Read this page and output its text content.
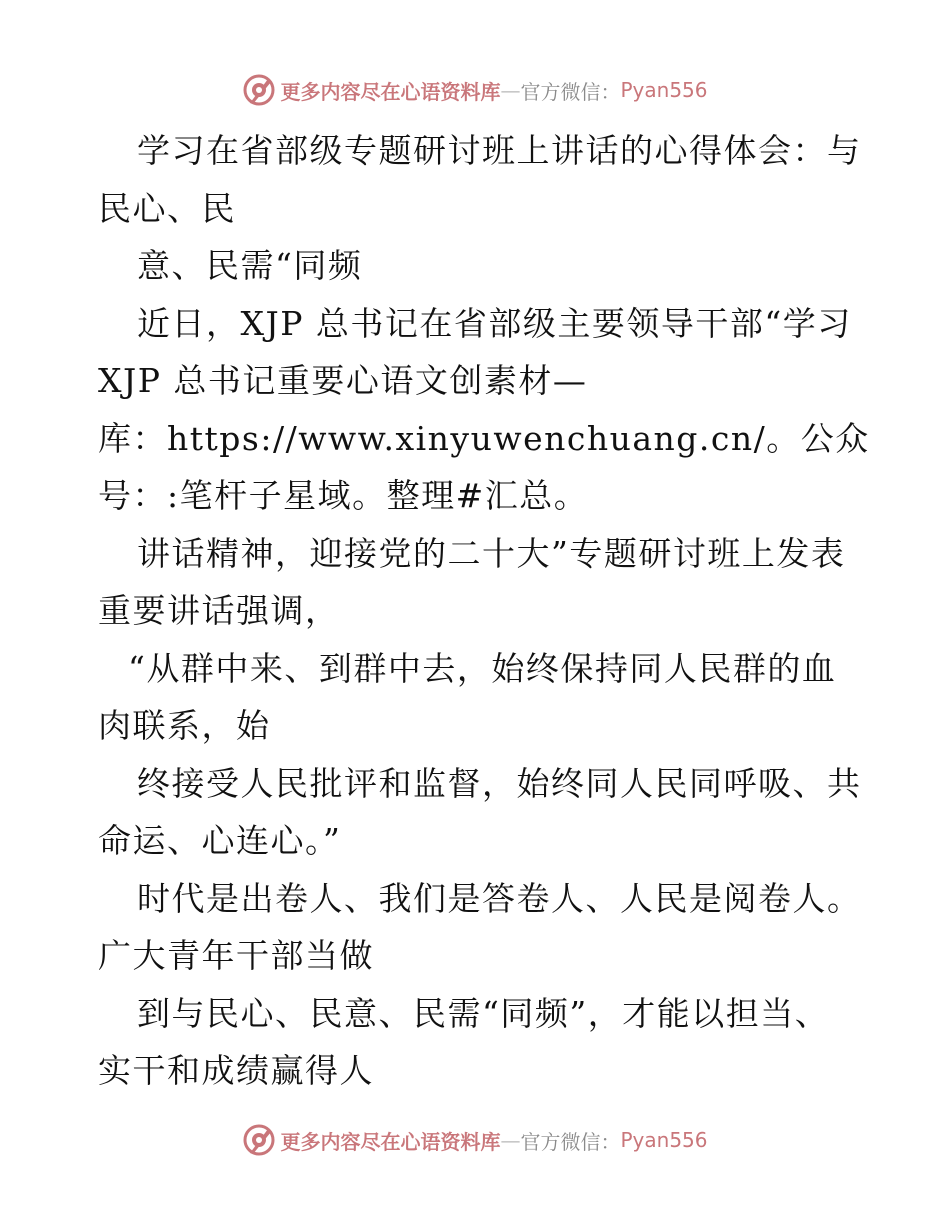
更多内容尽在心语资料库 — 官方微信： Pyan556
学习在省部级专题研讨班上讲话的心得体会：与
民心、民
意、民需“同频
近日，XJP 总书记在省部级主要领导干部“学习
XJP 总书记重要心语文创素材—
库：https://www.xinyuwenchuang.cn/。公众
号：:笔杆子星域。整理#汇总。
讲话精神，迎接党的二十大”专题研讨班上发表
重要讲话强调，
“从群中来、到群中去，始终保持同人民群的血
肉联系，始
终接受人民批评和监督，始终同人民同呼吸、共
命运、心连心。”
时代是出卷人、我们是答卷人、人民是阅卷人。
广大青年干部当做
到与民心、民意、民需“同频”，才能以担当、
实干和成绩赢得人
更多内容尽在心语资料库 — 官方微信： Pyan556
